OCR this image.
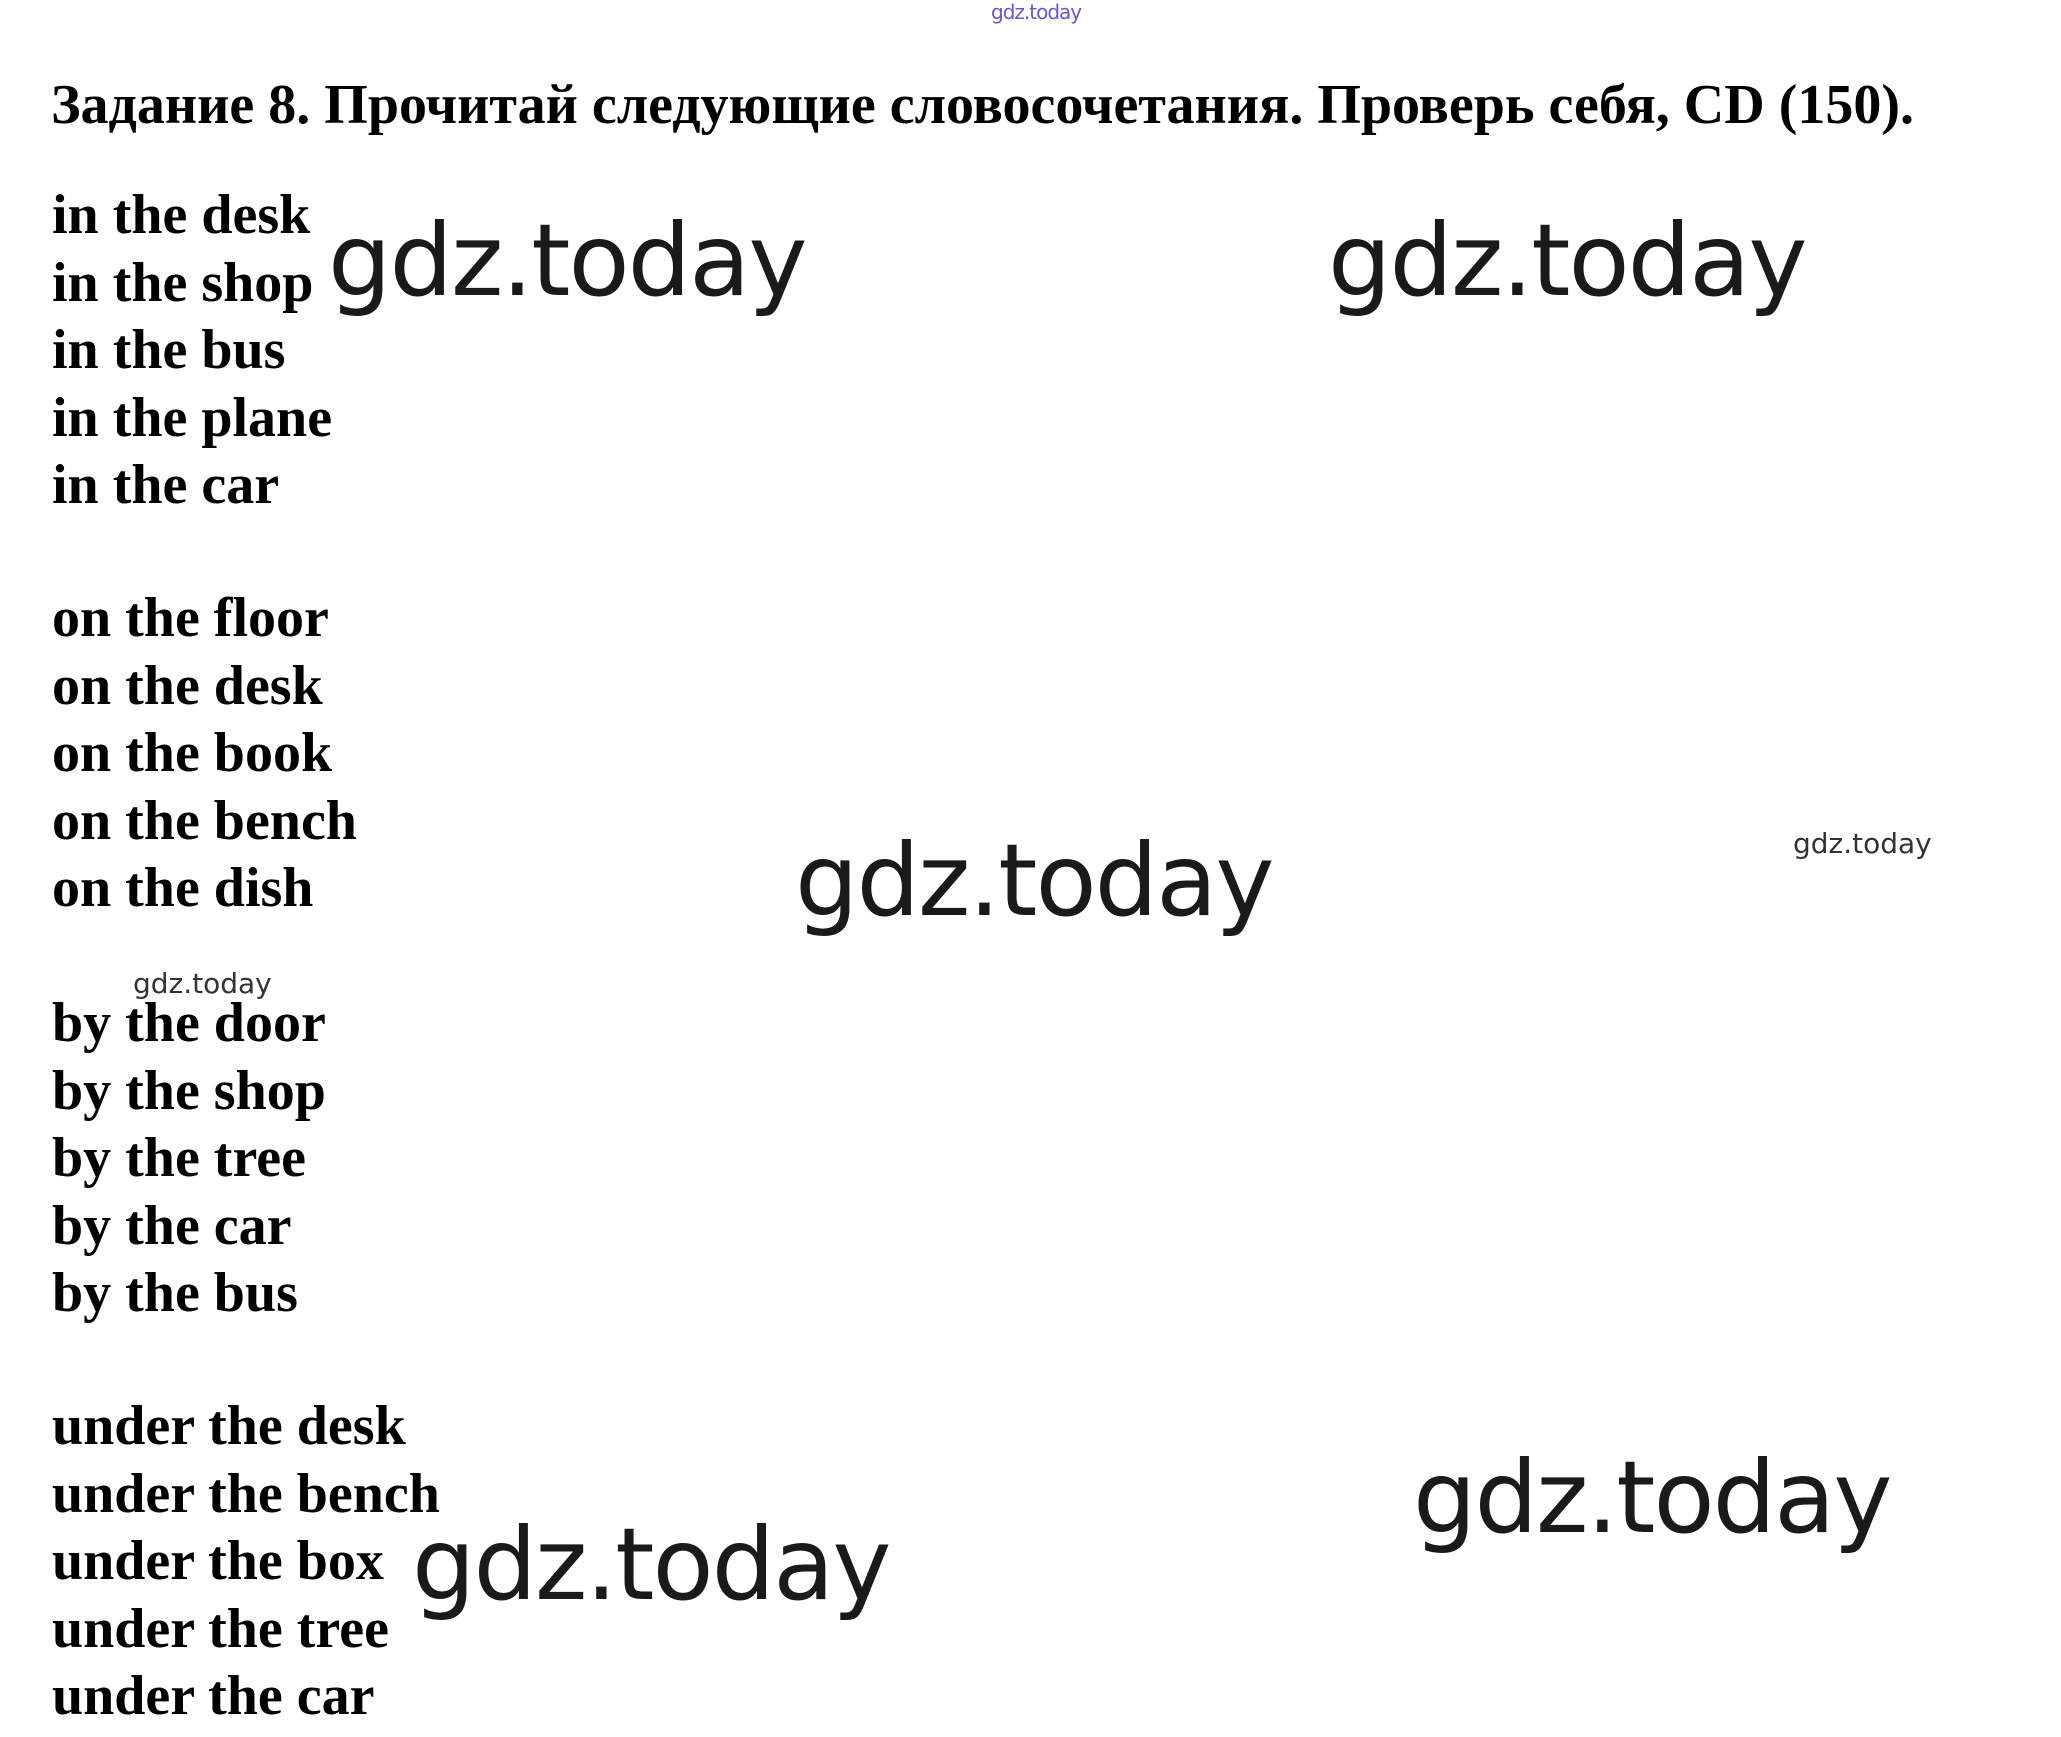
gdz.today
Задание 8. Прочитай следующие словосочетания. Проверь себя, CD (150).
in the desk
in the shop
in the bus
in the plane
in the car
on the floor
on the desk
on the book
on the bench
on the dish
by the door
by the shop
by the tree
by the car
by the bus
under the desk
under the bench
under the box
under the tree
under the car
gdz.today	gdz.today
gdz.today	gdz.today
gdz.today
gdz.today
gdz.today
